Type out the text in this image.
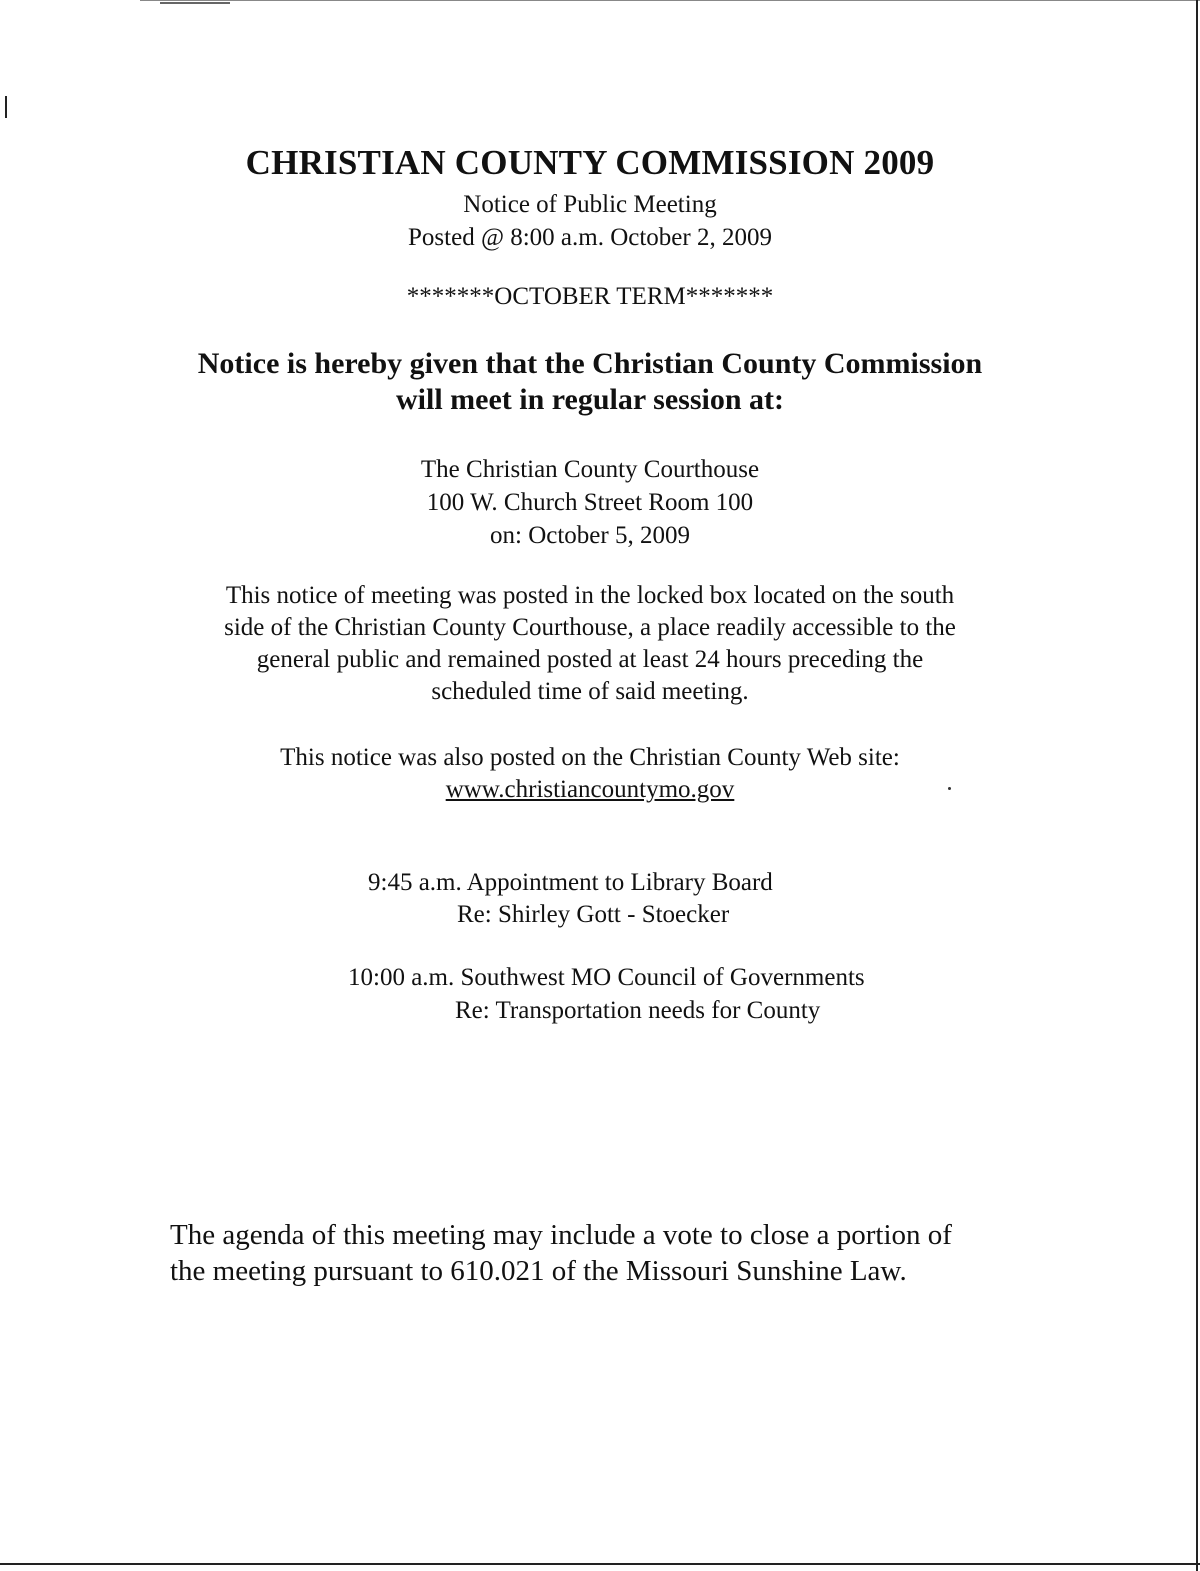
CHRISTIAN COUNTY COMMISSION 2009
Notice of Public Meeting
Posted @ 8:00 a.m. October 2, 2009
*******OCTOBER TERM*******
Notice is hereby given that the Christian County Commission
will meet in regular session at:
The Christian County Courthouse
100 W. Church Street Room 100
on: October 5, 2009
This notice of meeting was posted in the locked box located on the south
side of the Christian County Courthouse, a place readily accessible to the
general public and remained posted at least 24 hours preceding the
scheduled time of said meeting.
This notice was also posted on the Christian County Web site:
www.christiancountymo.gov
9:45 a.m. Appointment to Library Board
Re: Shirley Gott - Stoecker
10:00 a.m. Southwest MO Council of Governments
Re: Transportation needs for County
The agenda of this meeting may include a vote to close a portion of
the meeting pursuant to 610.021 of the Missouri Sunshine Law.
